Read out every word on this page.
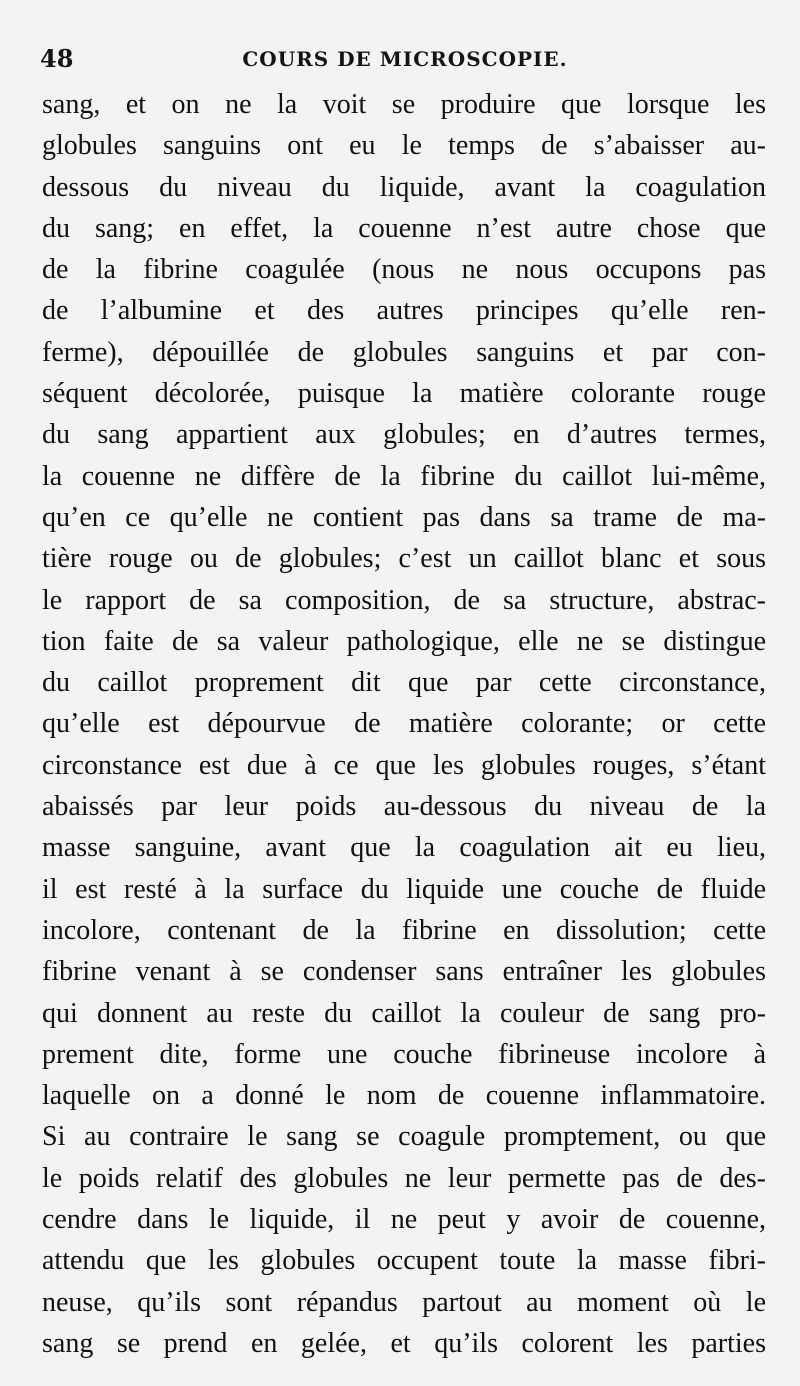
48	COURS DE MICROSCOPIE.
sang, et on ne la voit se produire que lorsque les
globules sanguins ont eu le temps de s’abaisser au-
dessous du niveau du liquide, avant la coagulation
du sang; en effet, la couenne n’est autre chose que
de la fibrine coagulée (nous ne nous occupons pas
de l’albumine et des autres principes qu’elle ren-
ferme), dépouillée de globules sanguins et par con-
séquent décolorée, puisque la matière colorante rouge
du sang appartient aux globules; en d’autres termes,
la couenne ne diffère de la fibrine du caillot lui-même,
qu’en ce qu’elle ne contient pas dans sa trame de ma-
tière rouge ou de globules; c’est un caillot blanc et sous
le rapport de sa composition, de sa structure, abstrac-
tion faite de sa valeur pathologique, elle ne se distingue
du caillot proprement dit que par cette circonstance,
qu’elle est dépourvue de matière colorante; or cette
circonstance est due à ce que les globules rouges, s’étant
abaissés par leur poids au-dessous du niveau de la
masse sanguine, avant que la coagulation ait eu lieu,
il est resté à la surface du liquide une couche de fluide
incolore, contenant de la fibrine en dissolution; cette
fibrine venant à se condenser sans entraîner les globules
qui donnent au reste du caillot la couleur de sang pro-
prement dite, forme une couche fibrineuse incolore à
laquelle on a donné le nom de couenne inflammatoire.
Si au contraire le sang se coagule promptement, ou que
le poids relatif des globules ne leur permette pas de des-
cendre dans le liquide, il ne peut y avoir de couenne,
attendu que les globules occupent toute la masse fibri-
neuse, qu’ils sont répandus partout au moment où le
sang se prend en gelée, et qu’ils colorent les parties
